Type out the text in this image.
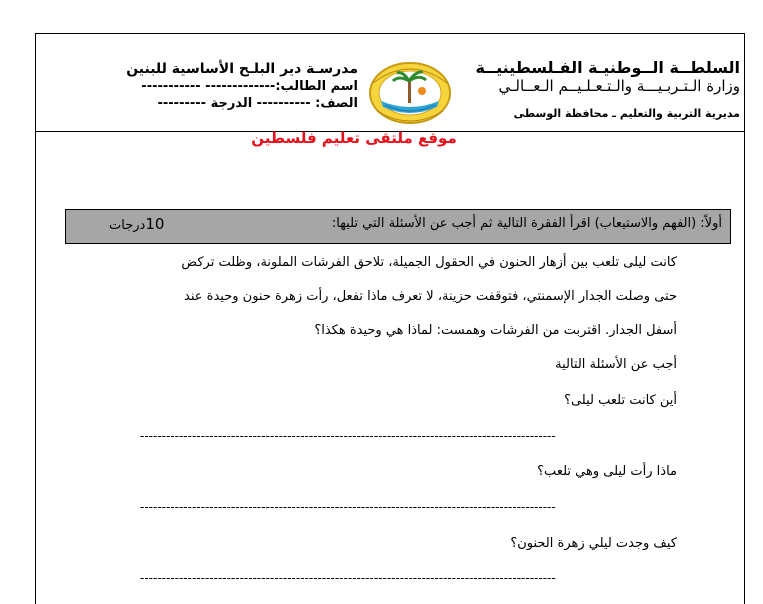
السلطــة الــوطنيـة الفـلسطينيــة
وزارة الـتـربـيـــة والـتـعـلـيــم الـعــالـي
مديرية التربية والتعليم ـ محافظة الوسطى
مدرسـة دير البلـح الأساسية للبنين
اسم الطالب:------------- -----------
الصف: ---------- الدرجة ---------
موقع ملتقى تعليم فلسطين
أولاً: (الفهم والاستيعاب) اقرأ الفقرة التالية ثم أجب عن الأسئلة التي تليها:
10درجات
كانت ليلى تلعب بين أزهار الحنون في الحقول الجميلة، تلاحق الفرشات الملونة، وظلت تركض
حتى وصلت الجدار الإسمنتي، فتوقفت حزينة، لا تعرف ماذا تفعل، رأت زهرة حنون وحيدة عند
أسفل الجدار. اقتربت من الفرشات وهمست: لماذا هي وحيدة هكذا؟
أجب عن الأسئلة التالية
أين كانت تلعب ليلى؟
------------------------------------------------------------------------------------------------
ماذا رأت ليلى وهي تلعب؟
------------------------------------------------------------------------------------------------
كيف وجدت ليلي زهرة الحنون؟
------------------------------------------------------------------------------------------------
